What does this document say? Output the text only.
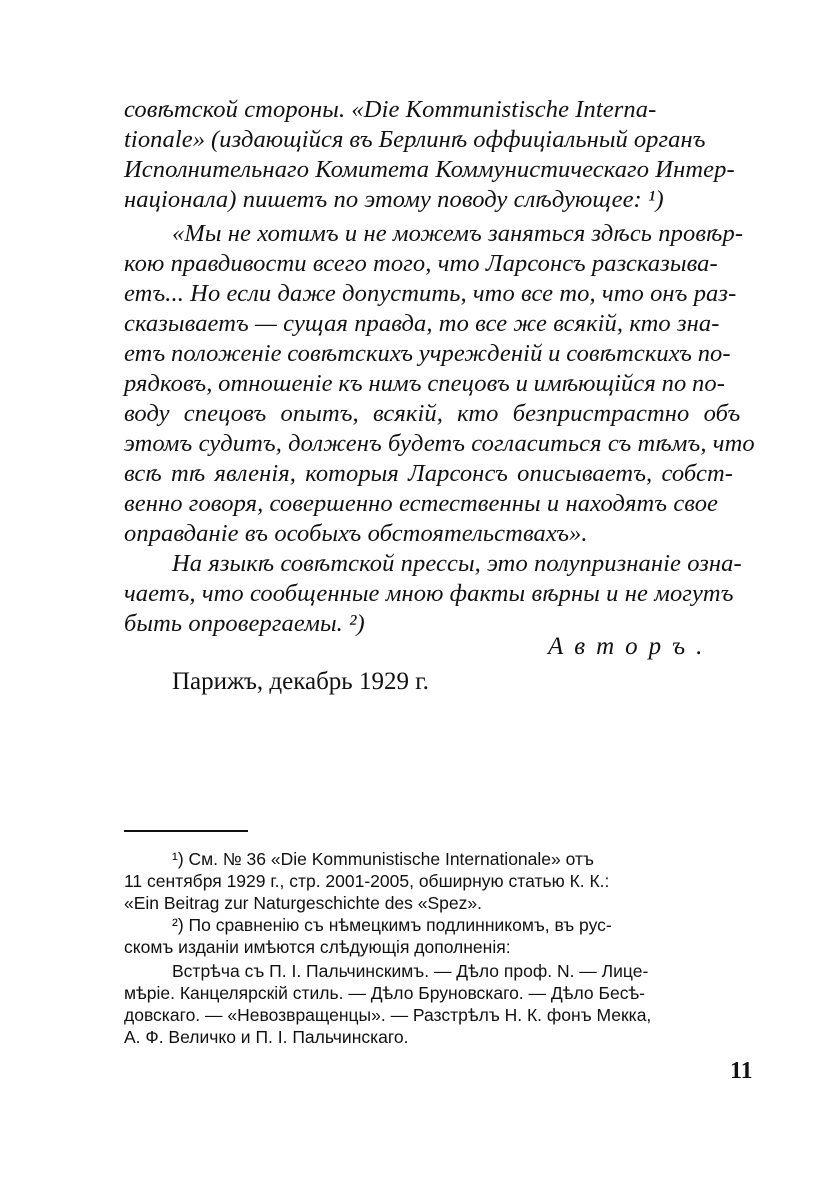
совѣтской стороны. «Die Kommunistische Interna-
tionale» (издающійся въ Берлинѣ оффиціальный органъ
Исполнительнаго Комитета Коммунистическаго Интер-
націонала) пишетъ по этому поводу слѣдующее: ¹)
«Мы не хотимъ и не можемъ заняться здѣсь провѣр-
кою правдивости всего того, что Ларсонсъ разсказыва-
етъ... Но если даже допустить, что все то, что онъ раз-
сказываетъ — сущая правда, то все же всякій, кто зна-
етъ положеніе совѣтскихъ учрежденій и совѣтскихъ по-
рядковъ, отношеніе къ нимъ спецовъ и имѣющійся по по-
воду спецовъ опытъ, всякій, кто безпристрастно объ
этомъ судитъ, долженъ будетъ согласиться съ тѣмъ, что
всѣ тѣ явленія, которыя Ларсонсъ описываетъ, собст-
венно говоря, совершенно естественны и находятъ свое
оправданіе въ особыхъ обстоятельствахъ».
На языкѣ совѣтской прессы, это полупризнаніе озна-
чаетъ, что сообщенные мною факты вѣрны и не могутъ
быть опровергаемы. ²)
Авторъ.
Парижъ, декабрь 1929 г.
¹) См. № 36 «Die Kommunistische Internationale» отъ
11 сентября 1929 г., стр. 2001-2005, обширную статью К. К.:
«Ein Beitrag zur Naturgeschichte des «Spez».
²) По сравненію съ нѣмецкимъ подлинникомъ, въ рус-
скомъ изданіи имѣются слѣдующія дополненія:
Встрѣча съ П. І. Пальчинскимъ. — Дѣло проф. N. — Лице-
мѣріе. Канцелярскій стиль. — Дѣло Бруновскаго. — Дѣло Бесѣ-
довскаго. — «Невозвращенцы». — Разстрѣлъ Н. К. фонъ Мекка,
А. Ф. Величко и П. І. Пальчинскаго.
11
